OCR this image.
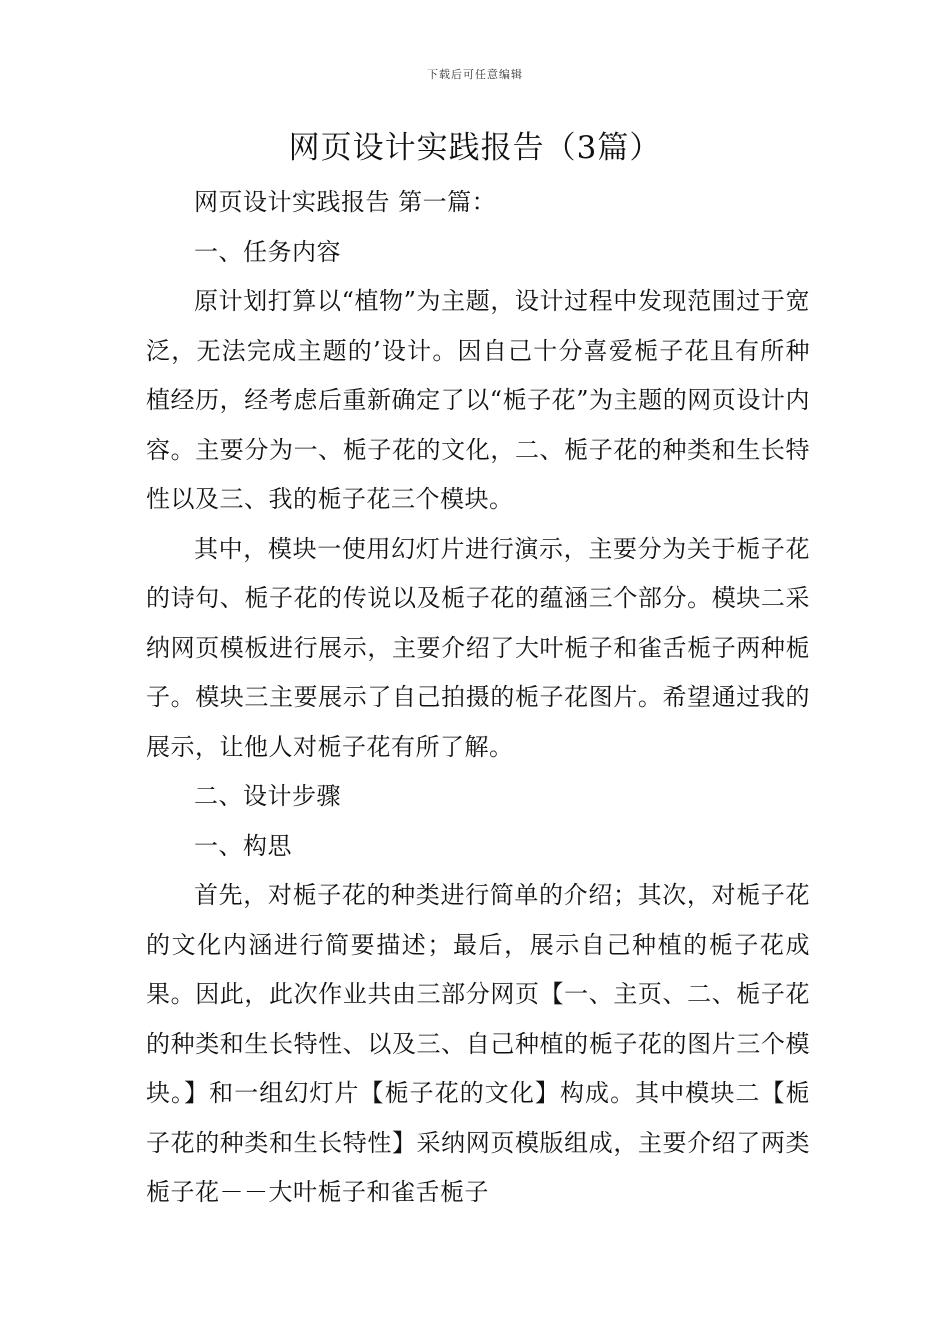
下载后可任意编辑
网页设计实践报告（3篇）

网页设计实践报告 第一篇：

一、任务内容

原计划打算以“植物”为主题，设计过程中发现范围过于宽泛，无法完成主题的’设计。因自己十分喜爱栀子花且有所种植经历，经考虑后重新确定了以“栀子花”为主题的网页设计内容。主要分为一、栀子花的文化，二、栀子花的种类和生长特性以及三、我的栀子花三个模块。

其中，模块一使用幻灯片进行演示，主要分为关于栀子花的诗句、栀子花的传说以及栀子花的蕴涵三个部分。模块二采纳网页模板进行展示，主要介绍了大叶栀子和雀舌栀子两种栀子。模块三主要展示了自己拍摄的栀子花图片。希望通过我的展示，让他人对栀子花有所了解。

二、设计步骤

一、构思

首先，对栀子花的种类进行简单的介绍；其次，对栀子花的文化内涵进行简要描述；最后，展示自己种植的栀子花成果。因此，此次作业共由三部分网页【一、主页、二、栀子花的种类和生长特性、以及三、自己种植的栀子花的图片三个模块。】和一组幻灯片【栀子花的文化】构成。其中模块二【栀子花的种类和生长特性】采纳网页模版组成，主要介绍了两类栀子花－－大叶栀子和雀舌栀子
